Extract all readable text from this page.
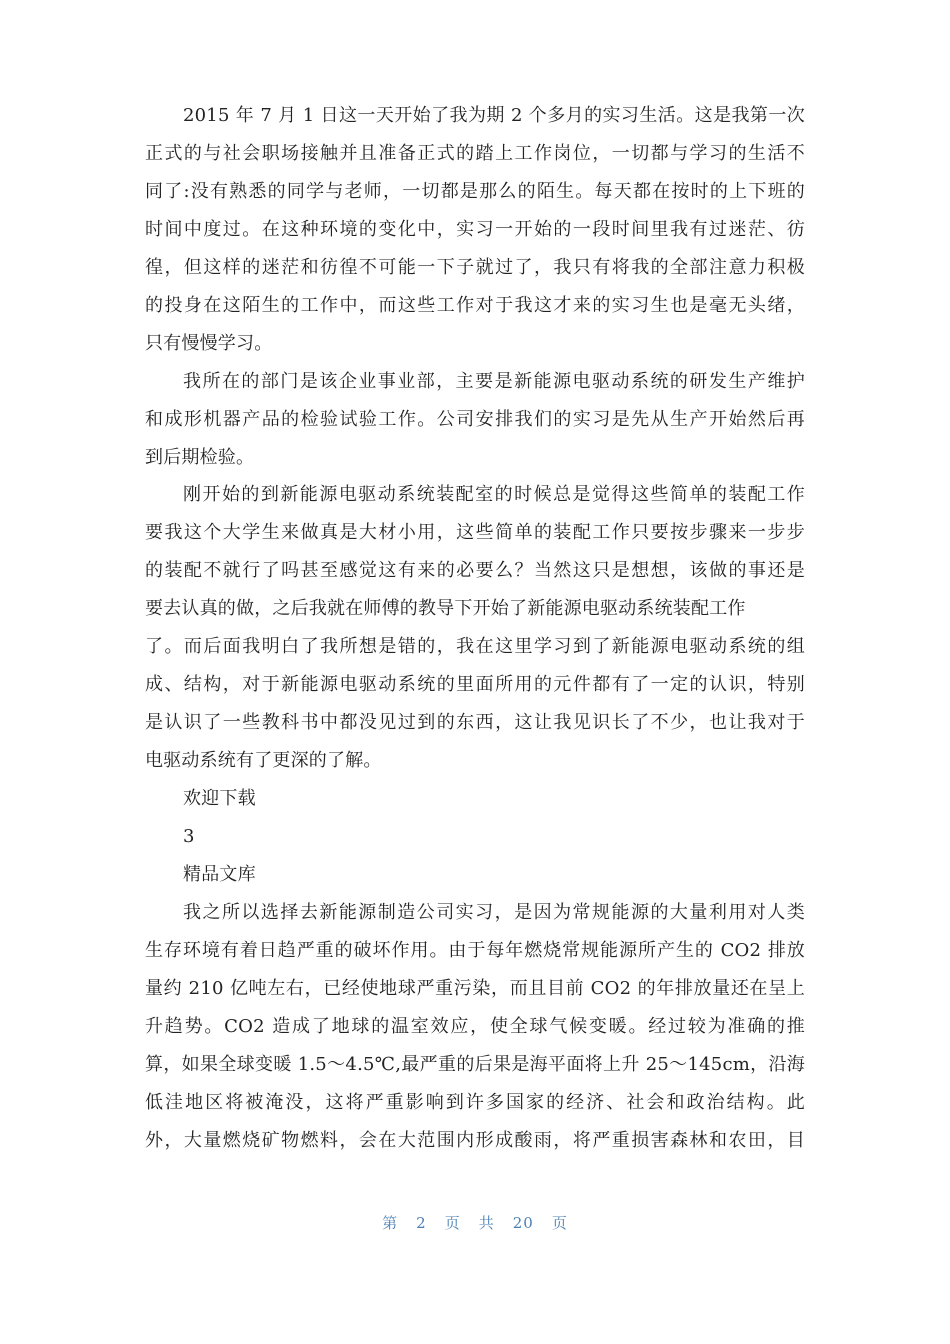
2015 年 7 月 1 日这一天开始了我为期 2 个多月的实习生活。这是我第一次
正式的与社会职场接触并且准备正式的踏上工作岗位，一切都与学习的生活不
同了:没有熟悉的同学与老师，一切都是那么的陌生。每天都在按时的上下班的
时间中度过。在这种环境的变化中，实习一开始的一段时间里我有过迷茫、彷
徨，但这样的迷茫和彷徨不可能一下子就过了，我只有将我的全部注意力积极
的投身在这陌生的工作中，而这些工作对于我这才来的实习生也是毫无头绪，
只有慢慢学习。
我所在的部门是该企业事业部，主要是新能源电驱动系统的研发生产维护
和成形机器产品的检验试验工作。公司安排我们的实习是先从生产开始然后再
到后期检验。
刚开始的到新能源电驱动系统装配室的时候总是觉得这些简单的装配工作
要我这个大学生来做真是大材小用，这些简单的装配工作只要按步骤来一步步
的装配不就行了吗甚至感觉这有来的必要么？当然这只是想想，该做的事还是
要去认真的做，之后我就在师傅的教导下开始了新能源电驱动系统装配工作
了。而后面我明白了我所想是错的，我在这里学习到了新能源电驱动系统的组
成、结构，对于新能源电驱动系统的里面所用的元件都有了一定的认识，特别
是认识了一些教科书中都没见过到的东西，这让我见识长了不少，也让我对于
电驱动系统有了更深的了解。
欢迎下载
3
精品文库
我之所以选择去新能源制造公司实习，是因为常规能源的大量利用对人类
生存环境有着日趋严重的破坏作用。由于每年燃烧常规能源所产生的 CO2 排放
量约 210 亿吨左右，已经使地球严重污染，而且目前 CO2 的年排放量还在呈上
升趋势。CO2 造成了地球的温室效应，使全球气候变暖。经过较为准确的推
算，如果全球变暖 1.5～4.5℃,最严重的后果是海平面将上升 25～145cm，沿海
低洼地区将被淹没，这将严重影响到许多国家的经济、社会和政治结构。此
外，大量燃烧矿物燃料，会在大范围内形成酸雨，将严重损害森林和农田，目
第 2 页 共 20 页
